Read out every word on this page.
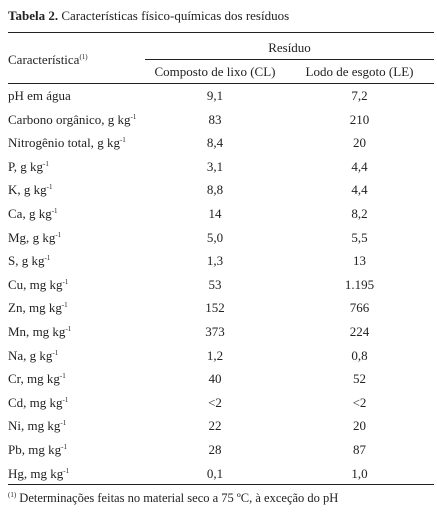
Tabela 2. Características físico-químicas dos resíduos
Característica$^{(1)}$
Resíduo
Composto de lixo (CL)	Lodo de esgoto (LE)
pH em água	9,1	7,2
Carbono orgânico, g $kg^{-1}$	83	210
Nitrogênio total, g $kg^{-1}$	8,4	20
P, g $kg^{-1}$	3,1	4,4
K, g $kg^{-1}$	8,8	4,4
Ca, g $kg^{-1}$	14	8,2
Mg, g $kg^{-1}$	5,0	5,5
S, g $kg^{-1}$	1,3	13
Cu, mg $kg^{-1}$	53	1.195
Zn, mg $kg^{-1}$	152	766
Mn, mg $kg^{-1}$	373	224
Na, g $kg^{-1}$	1,2	0,8
Cr, mg $kg^{-1}$	40	52
Cd, mg $kg^{-1}$	<2	<2
Ni, mg $kg^{-1}$	22	20
Pb, mg $kg^{-1}$	28	87
Hg, mg $kg^{-1}$	0,1	1,0
$^{(1)}$ Determinações feitas no material seco a 75 ºC, à exceção do pH
